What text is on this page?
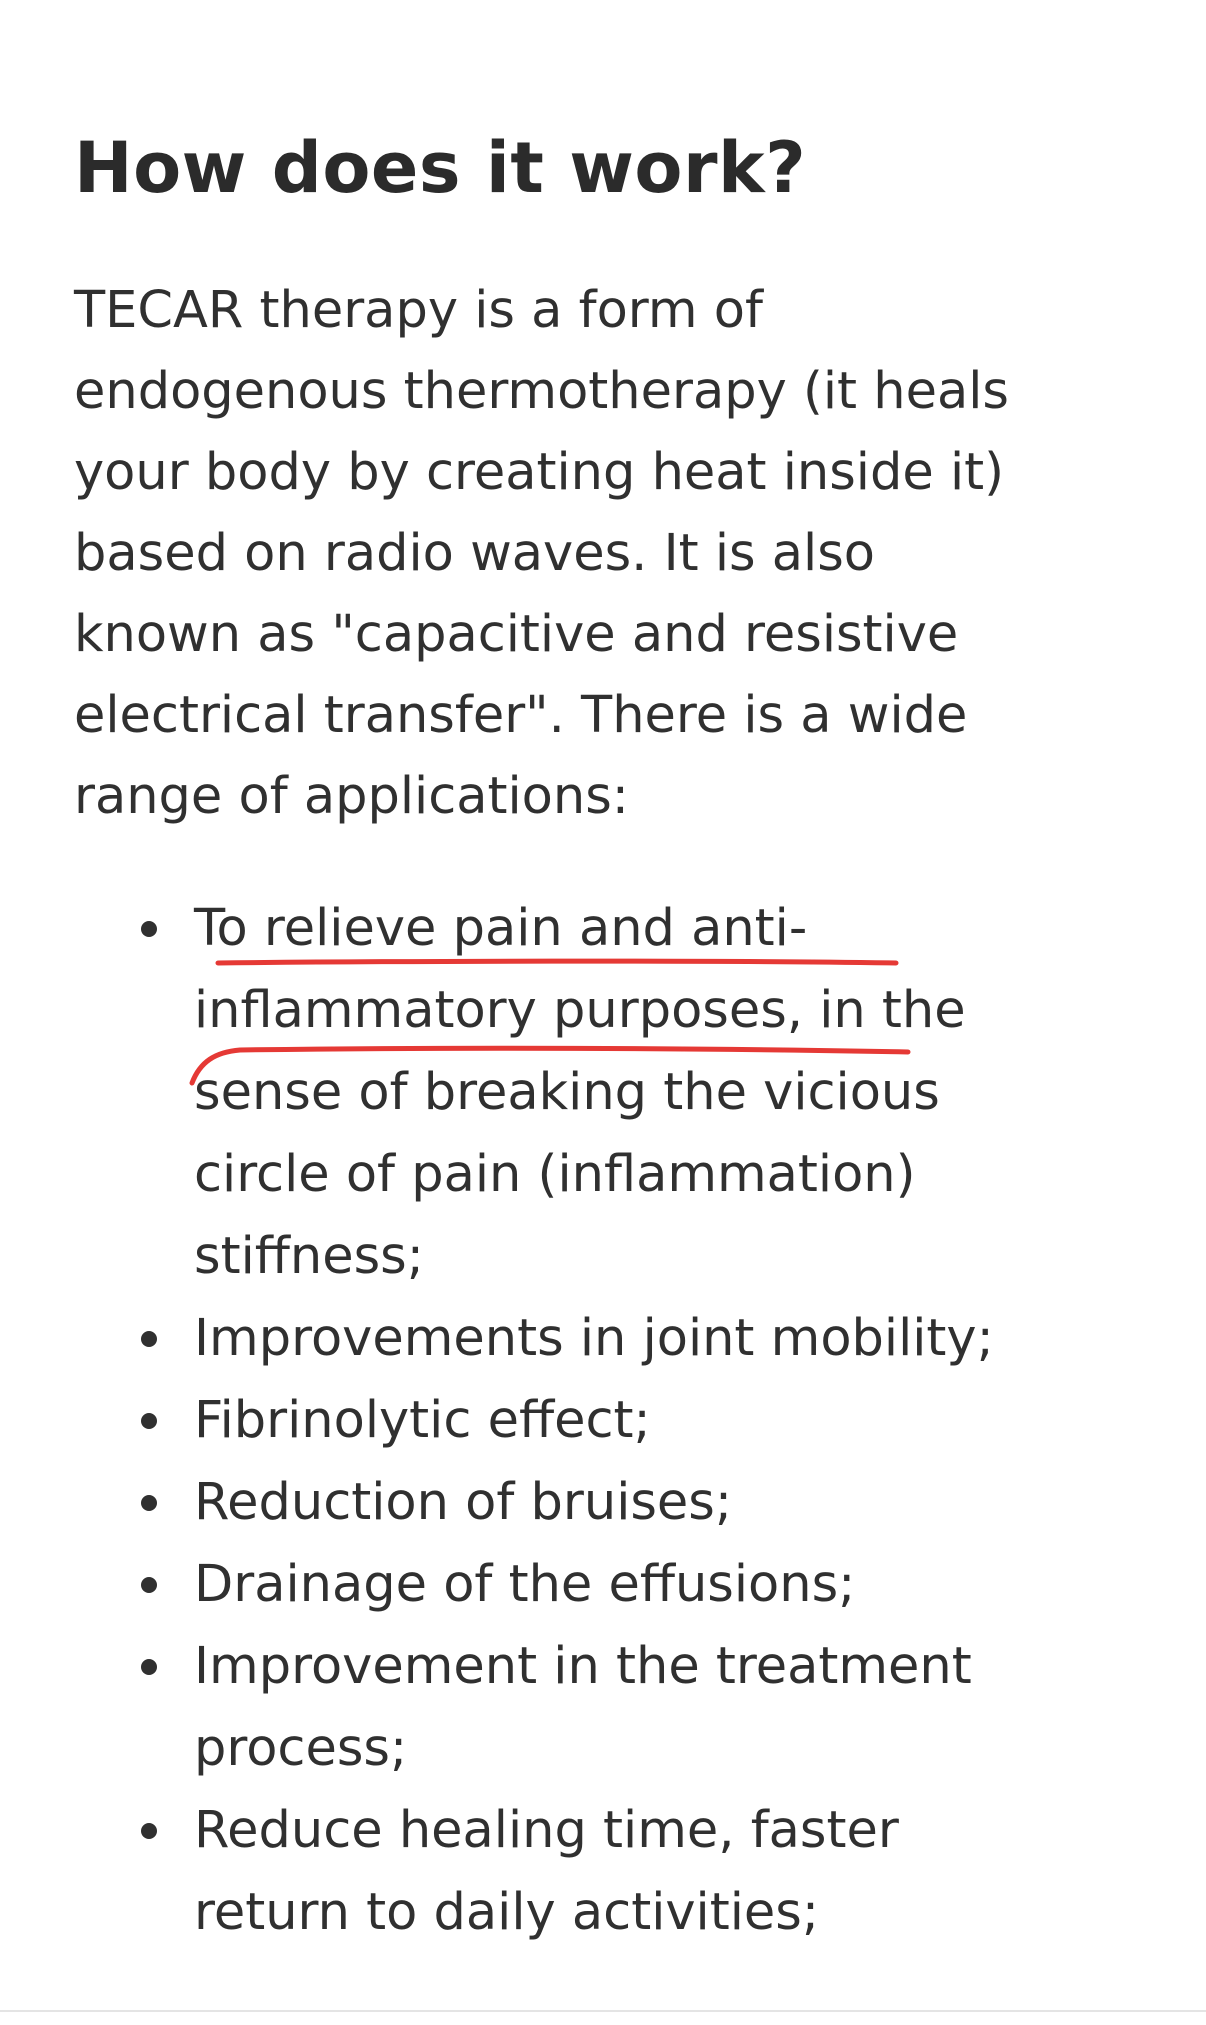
How does it work?

TECAR therapy is a form of
endogenous thermotherapy (it heals
your body by creating heat inside it)
based on radio waves. It is also
known as "capacitive and resistive
electrical transfer". There is a wide
range of applications:

To relieve pain and anti-
inflammatory purposes, in the
sense of breaking the vicious
circle of pain (inflammation)
stiffness;
Improvements in joint mobility;
Fibrinolytic effect;
Reduction of bruises;
Drainage of the effusions;
Improvement in the treatment
process;
Reduce healing time, faster
return to daily activities;
